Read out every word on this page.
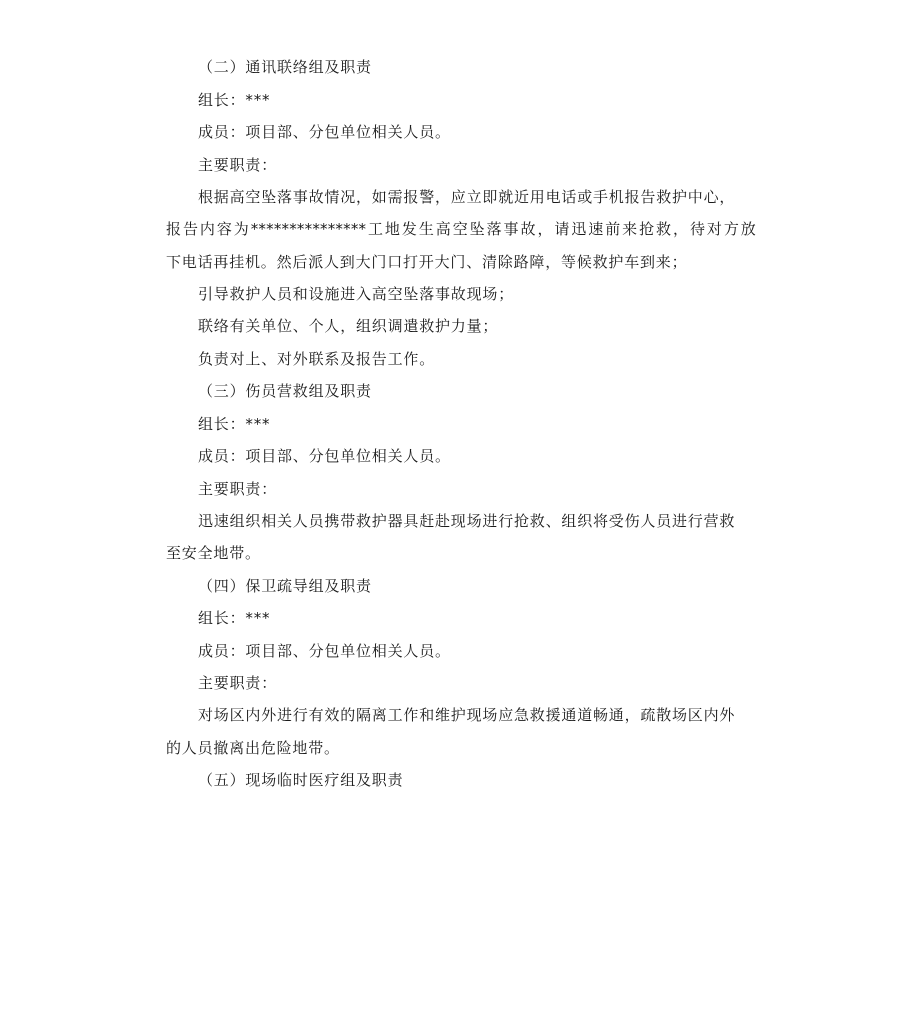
（二）通讯联络组及职责
组长：***
成员：项目部、分包单位相关人员。
主要职责：
根据高空坠落事故情况，如需报警，应立即就近用电话或手机报告救护中心，
报告内容为***************工地发生高空坠落事故，请迅速前来抢救，待对方放
下电话再挂机。然后派人到大门口打开大门、清除路障，等候救护车到来；
引导救护人员和设施进入高空坠落事故现场；
联络有关单位、个人，组织调遣救护力量；
负责对上、对外联系及报告工作。
（三）伤员营救组及职责
组长：***
成员：项目部、分包单位相关人员。
主要职责：
迅速组织相关人员携带救护器具赶赴现场进行抢救、组织将受伤人员进行营救
至安全地带。
（四）保卫疏导组及职责
组长：***
成员：项目部、分包单位相关人员。
主要职责：
对场区内外进行有效的隔离工作和维护现场应急救援通道畅通，疏散场区内外
的人员撤离出危险地带。
（五）现场临时医疗组及职责
